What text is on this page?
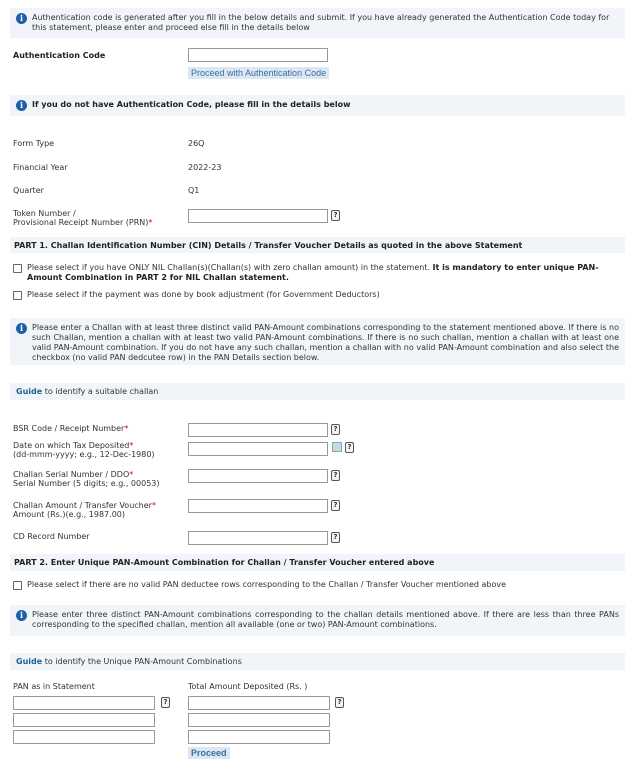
i	Authentication code is generated after you fill in the below details and submit. If you have already generated the Authentication Code today for this statement, please enter and proceed else fill in the details below
Authentication Code
Proceed with Authentication Code
i	If you do not have Authentication Code, please fill in the details below
Form Type	26Q
Financial Year	2022-23
Quarter	Q1
Token Number /
Provisional Receipt Number (PRN)*
?
PART 1. Challan Identification Number (CIN) Details / Transfer Voucher Details as quoted in the above Statement
Please select if you have ONLY NIL Challan(s)(Challan(s) with zero challan amount) in the statement. It is mandatory to enter unique PAN-Amount Combination in PART 2 for NIL Challan statement.
Please select if the payment was done by book adjustment (for Government Deductors)
i	Please enter a Challan with at least three distinct valid PAN-Amount combinations corresponding to the statement mentioned above. If there is no such Challan, mention a challan with at least two valid PAN-Amount combinations. If there is no such challan, mention a challan with at least one valid PAN-Amount combination. If you do not have any such challan, mention a challan with no valid PAN-Amount combination and also select the checkbox (no valid PAN dedcutee row) in the PAN Details section below.
Guide to identify a suitable challan
BSR Code / Receipt Number*	?
Date on which Tax Deposited*
(dd-mmm-yyyy; e.g., 12-Dec-1980)
?
Challan Serial Number / DDO*
Serial Number (5 digits; e.g., 00053)
?
Challan Amount / Transfer Voucher*
Amount (Rs.)(e.g., 1987.00)
?
CD Record Number	?
PART 2. Enter Unique PAN-Amount Combination for Challan / Transfer Voucher entered above
Please select if there are no valid PAN deductee rows corresponding to the Challan / Transfer Voucher mentioned above
i	Please enter three distinct PAN-Amount combinations corresponding to the challan details mentioned above. If there are less than three PANs corresponding to the specified challan, mention all available (one or two) PAN-Amount combinations.
Guide to identify the Unique PAN-Amount Combinations
PAN as in Statement	Total Amount Deposited (Rs. )
?	?
Proceed
